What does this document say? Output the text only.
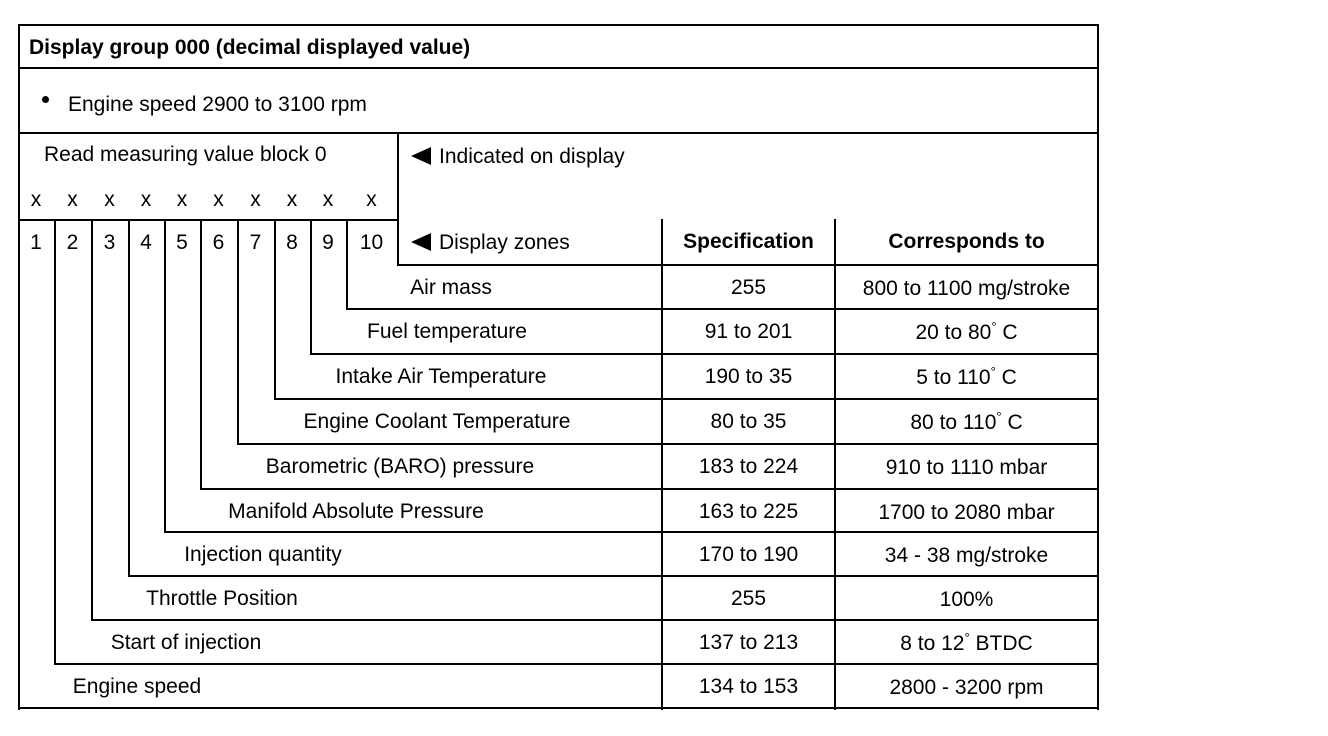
Display group 000 (decimal displayed value)
Engine speed 2900 to 3100 rpm
Read measuring value block 0	Indicated on display
x	x	x	x	x	x	x	x	x	x
1	2	3	4	5	6	7	8	9	10	Display zones	Specification	Corresponds to
Air mass	255	800 to 1100 mg/stroke
Fuel temperature	91 to 201	20 to 80° C
Intake Air Temperature	190 to 35	5 to 110° C
Engine Coolant Temperature	80 to 35	80 to 110° C
Barometric (BARO) pressure	183 to 224	910 to 1110 mbar
Manifold Absolute Pressure	163 to 225	1700 to 2080 mbar
Injection quantity	170 to 190	34 - 38 mg/stroke
Throttle Position	255	100%
Start of injection	137 to 213	8 to 12° BTDC
Engine speed	134 to 153	2800 - 3200 rpm
